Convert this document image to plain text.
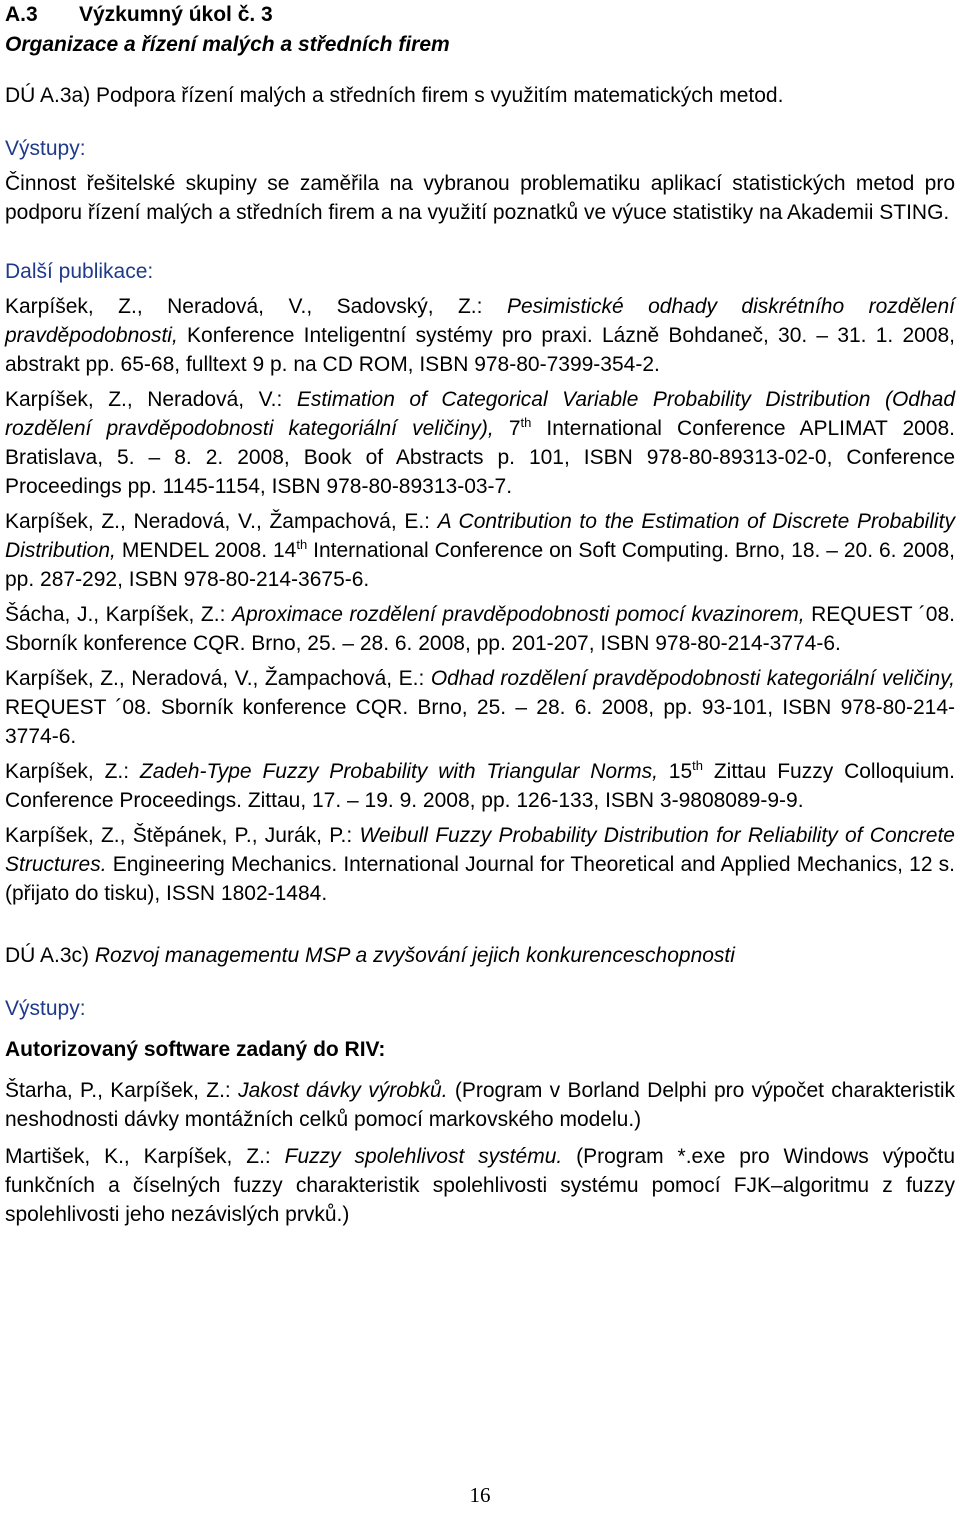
A.3 Výzkumný úkol č. 3
Organizace a řízení malých a středních firem

DÚ A.3a) Podpora řízení malých a středních firem s využitím matematických metod.

Výstupy:

Činnost řešitelské skupiny se zaměřila na vybranou problematiku aplikací statistických metod pro podporu řízení malých a středních firem a na využití poznatků ve výuce statistiky na Akademii STING.

Další publikace:

Karpíšek, Z., Neradová, V., Sadovský, Z.: Pesimistické odhady diskrétního rozdělení pravděpodobnosti, Konference Inteligentní systémy pro praxi. Lázně Bohdaneč, 30. – 31. 1. 2008, abstrakt pp. 65-68, fulltext 9 p. na CD ROM, ISBN 978-80-7399-354-2.

Karpíšek, Z., Neradová, V.: Estimation of Categorical Variable Probability Distribution (Odhad rozdělení pravděpodobnosti kategoriální veličiny), 7th International Conference APLIMAT 2008. Bratislava, 5. – 8. 2. 2008, Book of Abstracts p. 101, ISBN 978-80-89313-02-0, Conference Proceedings pp. 1145-1154, ISBN 978-80-89313-03-7.

Karpíšek, Z., Neradová, V., Žampachová, E.: A Contribution to the Estimation of Discrete Probability Distribution, MENDEL 2008. 14th International Conference on Soft Computing. Brno, 18. – 20. 6. 2008, pp. 287-292, ISBN 978-80-214-3675-6.

Šácha, J., Karpíšek, Z.: Aproximace rozdělení pravděpodobnosti pomocí kvazinorem, REQUEST ´08. Sborník konference CQR. Brno, 25. – 28. 6. 2008, pp. 201-207, ISBN 978-80-214-3774-6.

Karpíšek, Z., Neradová, V., Žampachová, E.: Odhad rozdělení pravděpodobnosti kategoriální veličiny, REQUEST ´08. Sborník konference CQR. Brno, 25. – 28. 6. 2008, pp. 93-101, ISBN 978-80-214-3774-6.

Karpíšek, Z.: Zadeh-Type Fuzzy Probability with Triangular Norms, 15th Zittau Fuzzy Colloquium. Conference Proceedings. Zittau, 17. – 19. 9. 2008, pp. 126-133, ISBN 3-9808089-9-9.

Karpíšek, Z., Štěpánek, P., Jurák, P.: Weibull Fuzzy Probability Distribution for Reliability of Concrete Structures. Engineering Mechanics. International Journal for Theoretical and Applied Mechanics, 12 s. (přijato do tisku), ISSN 1802-1484.

DÚ A.3c) Rozvoj managementu MSP a zvyšování jejich konkurenceschopnosti

Výstupy:

Autorizovaný software zadaný do RIV:

Štarha, P., Karpíšek, Z.: Jakost dávky výrobků. (Program v Borland Delphi pro výpočet charakteristik neshodnosti dávky montážních celků pomocí markovského modelu.)

Martišek, K., Karpíšek, Z.: Fuzzy spolehlivost systému. (Program *.exe pro Windows výpočtu funkčních a číselných fuzzy charakteristik spolehlivosti systému pomocí FJK–algoritmu z fuzzy spolehlivosti jeho nezávislých prvků.)

16
